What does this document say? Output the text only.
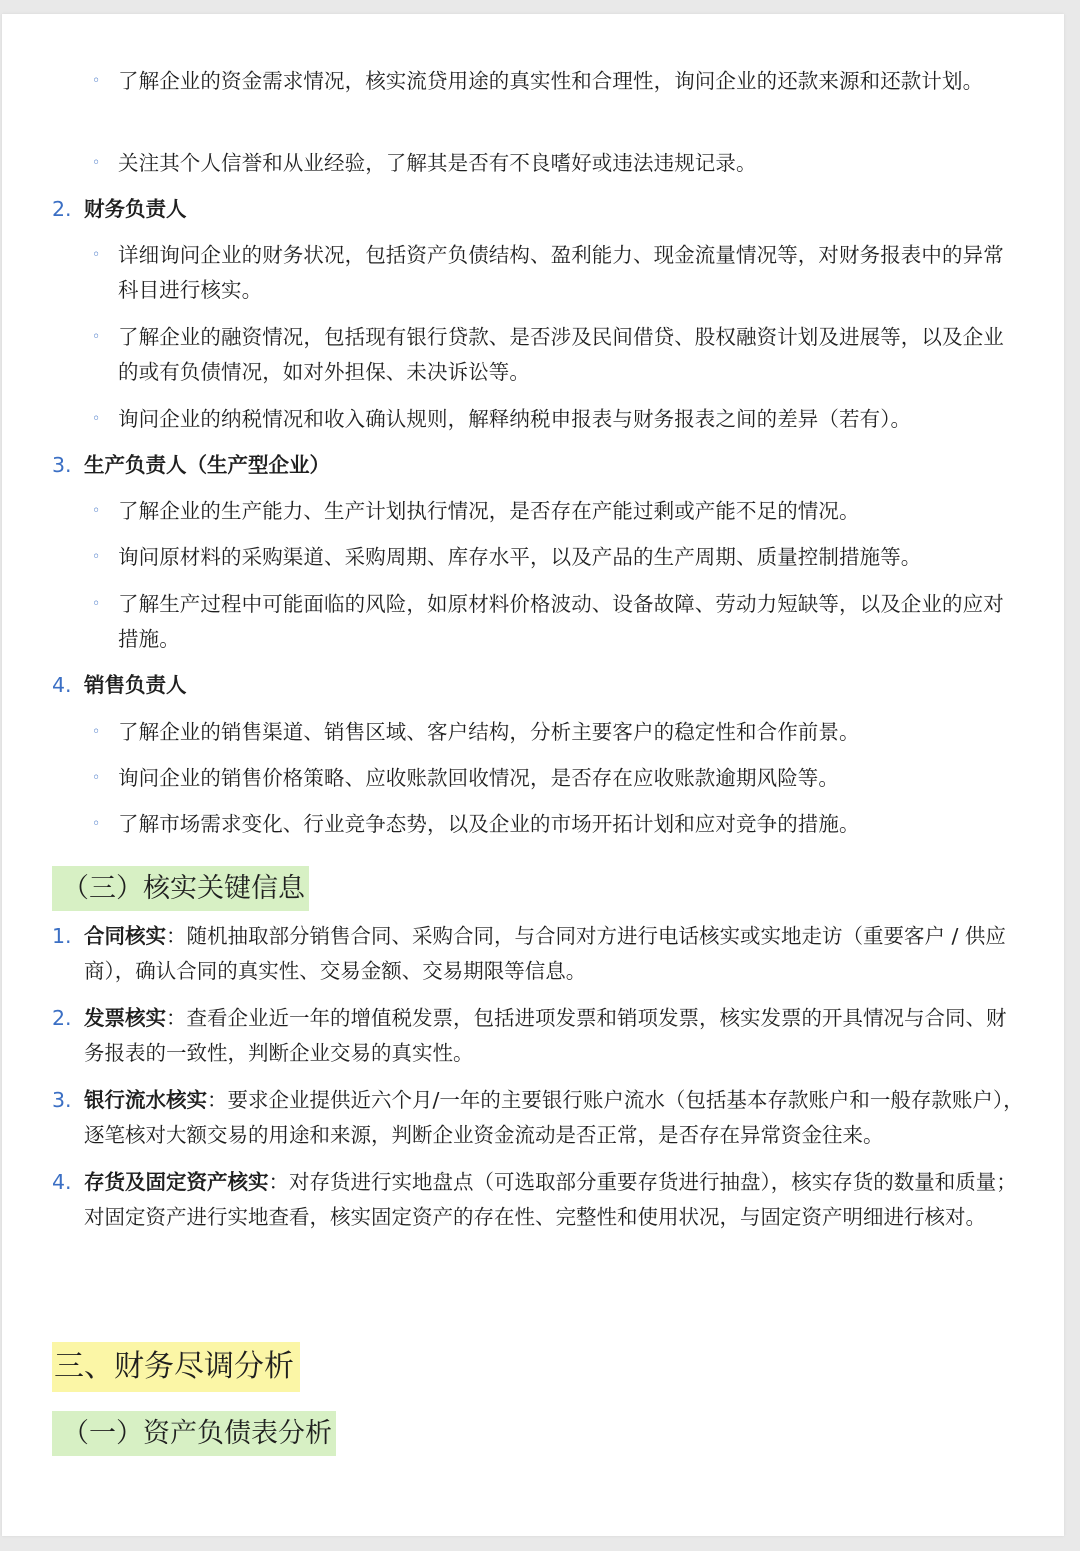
◦ 了解企业的资金需求情况，核实流贷用途的真实性和合理性，询问企业的还款来源和还款计划。
◦ 关注其个人信誉和从业经验，了解其是否有不良嗜好或违法违规记录。
2. 财务负责人
◦ 详细询问企业的财务状况，包括资产负债结构、盈利能力、现金流量情况等，对财务报表中的异常科目进行核实。
◦ 了解企业的融资情况，包括现有银行贷款、是否涉及民间借贷、股权融资计划及进展等，以及企业的或有负债情况，如对外担保、未决诉讼等。
◦ 询问企业的纳税情况和收入确认规则，解释纳税申报表与财务报表之间的差异（若有）。
3. 生产负责人（生产型企业）
◦ 了解企业的生产能力、生产计划执行情况，是否存在产能过剩或产能不足的情况。
◦ 询问原材料的采购渠道、采购周期、库存水平，以及产品的生产周期、质量控制措施等。
◦ 了解生产过程中可能面临的风险，如原材料价格波动、设备故障、劳动力短缺等，以及企业的应对措施。
4. 销售负责人
◦ 了解企业的销售渠道、销售区域、客户结构，分析主要客户的稳定性和合作前景。
◦ 询问企业的销售价格策略、应收账款回收情况，是否存在应收账款逾期风险等。
◦ 了解市场需求变化、行业竞争态势，以及企业的市场开拓计划和应对竞争的措施。
（三）核实关键信息
1. 合同核实：随机抽取部分销售合同、采购合同，与合同对方进行电话核实或实地走访（重要客户 / 供应商），确认合同的真实性、交易金额、交易期限等信息。
2. 发票核实：查看企业近一年的增值税发票，包括进项发票和销项发票，核实发票的开具情况与合同、财务报表的一致性，判断企业交易的真实性。
3. 银行流水核实：要求企业提供近六个月/一年的主要银行账户流水（包括基本存款账户和一般存款账户），逐笔核对大额交易的用途和来源，判断企业资金流动是否正常，是否存在异常资金往来。
4. 存货及固定资产核实：对存货进行实地盘点（可选取部分重要存货进行抽盘），核实存货的数量和质量；对固定资产进行实地查看，核实固定资产的存在性、完整性和使用状况，与固定资产明细进行核对。
三、财务尽调分析
（一）资产负债表分析
